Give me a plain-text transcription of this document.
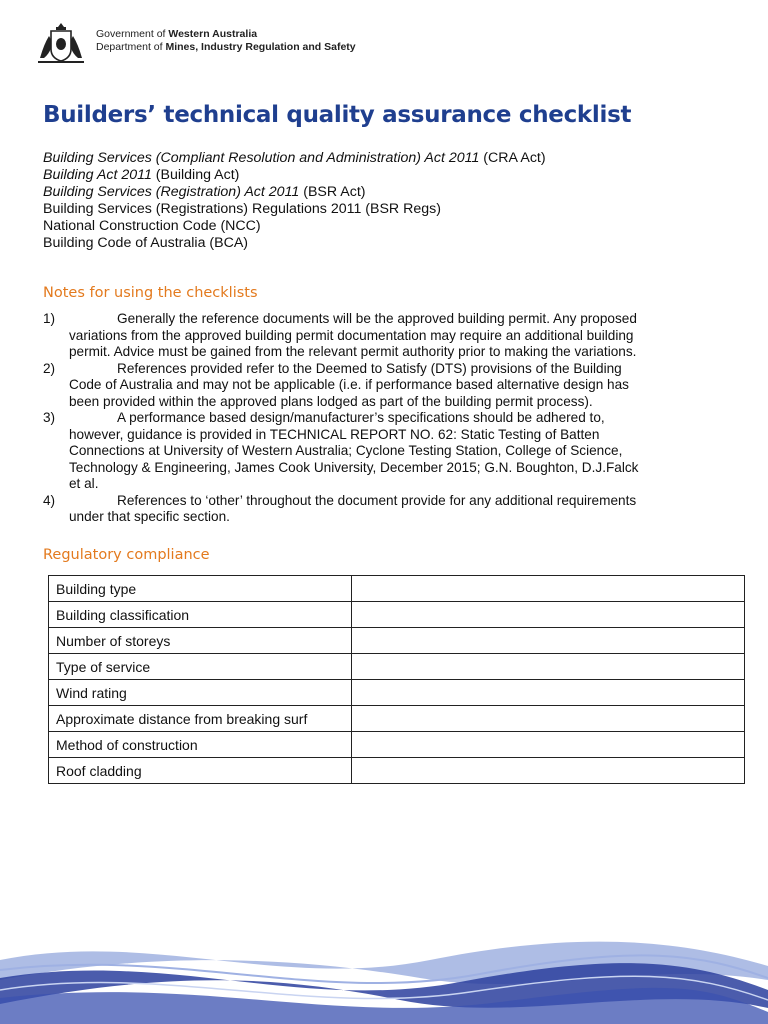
Government of Western Australia
Department of Mines, Industry Regulation and Safety
Builders’ technical quality assurance checklist
Building Services (Compliant Resolution and Administration) Act 2011 (CRA Act)
Building Act 2011 (Building Act)
Building Services (Registration) Act 2011 (BSR Act)
Building Services (Registrations) Regulations 2011 (BSR Regs)
National Construction Code (NCC)
Building Code of Australia (BCA)
Notes for using the checklists
1)	Generally the reference documents will be the approved building permit. Any proposed
variations from the approved building permit documentation may require an additional building
permit. Advice must be gained from the relevant permit authority prior to making the variations.
2)	References provided refer to the Deemed to Satisfy (DTS) provisions of the Building
Code of Australia and may not be applicable (i.e. if performance based alternative design has
been provided within the approved plans lodged as part of the building permit process).
3)	A performance based design/manufacturer’s specifications should be adhered to,
however, guidance is provided in TECHNICAL REPORT NO. 62: Static Testing of Batten
Connections at University of Western Australia; Cyclone Testing Station, College of Science,
Technology & Engineering, James Cook University, December 2015; G.N. Boughton, D.J.Falck
et al.
4)	References to ‘other’ throughout the document provide for any additional requirements
under that specific section.
Regulatory compliance
Building type	
Building classification	
Number of storeys	
Type of service	
Wind rating	
Approximate distance from breaking surf	
Method of construction	
Roof cladding	
